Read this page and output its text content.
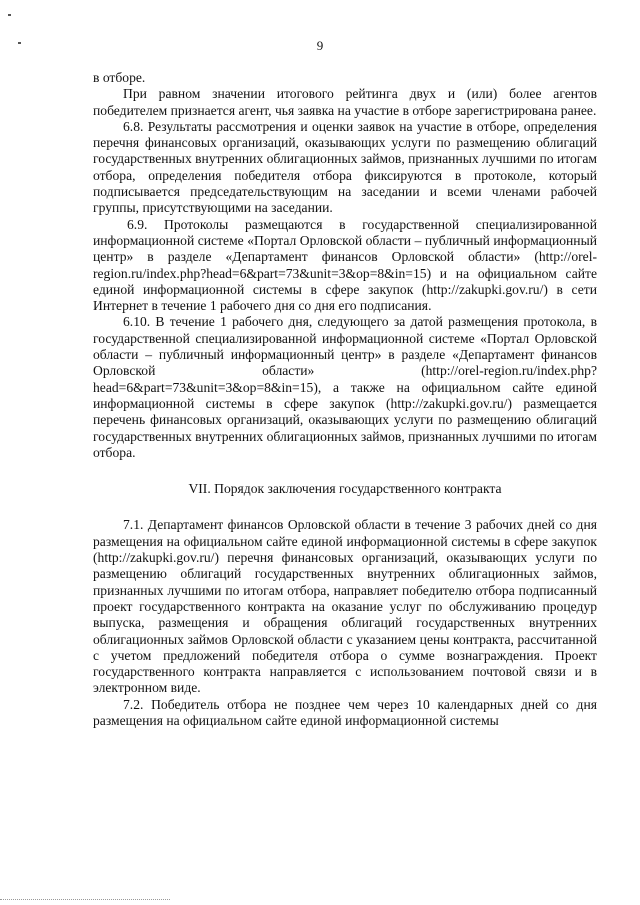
9

в отборе.

При равном значении итогового рейтинга двух и (или) более агентов победителем признается агент, чья заявка на участие в отборе зарегистрирована ранее.

6.8. Результаты рассмотрения и оценки заявок на участие в отборе, определения перечня финансовых организаций, оказывающих услуги по размещению облигаций государственных внутренних облигационных займов, признанных лучшими по итогам отбора, определения победителя отбора фиксируются в протоколе, который подписывается председательствующим на заседании и всеми членами рабочей группы, присутствующими на заседании.

6.9. Протоколы размещаются в государственной специализированной информационной системе «Портал Орловской области – публичный информационный центр» в разделе «Департамент финансов Орловской области» (http://orel-region.ru/index.php?head=6&part=73&unit=3&op=8&in=15) и на официальном сайте единой информационной системы в сфере закупок (http://zakupki.gov.ru/) в сети Интернет в течение 1 рабочего дня со дня его подписания.

6.10. В течение 1 рабочего дня, следующего за датой размещения протокола, в государственной специализированной информационной системе «Портал Орловской области – публичный информационный центр» в разделе «Департамент финансов Орловской области» (http://orel-region.ru/index.php?head=6&part=73&unit=3&op=8&in=15), а также на официальном сайте единой информационной системы в сфере закупок (http://zakupki.gov.ru/) размещается перечень финансовых организаций, оказывающих услуги по размещению облигаций государственных внутренних облигационных займов, признанных лучшими по итогам отбора.

VII. Порядок заключения государственного контракта

7.1. Департамент финансов Орловской области в течение 3 рабочих дней со дня размещения на официальном сайте единой информационной системы в сфере закупок (http://zakupki.gov.ru/) перечня финансовых организаций, оказывающих услуги по размещению облигаций государственных внутренних облигационных займов, признанных лучшими по итогам отбора, направляет победителю отбора подписанный проект государственного контракта на оказание услуг по обслуживанию процедур выпуска, размещения и обращения облигаций государственных внутренних облигационных займов Орловской области с указанием цены контракта, рассчитанной с учетом предложений победителя отбора о сумме вознаграждения. Проект государственного контракта направляется с использованием почтовой связи и в электронном виде.

7.2. Победитель отбора не позднее чем через 10 календарных дней со дня размещения на официальном сайте единой информационной системы
